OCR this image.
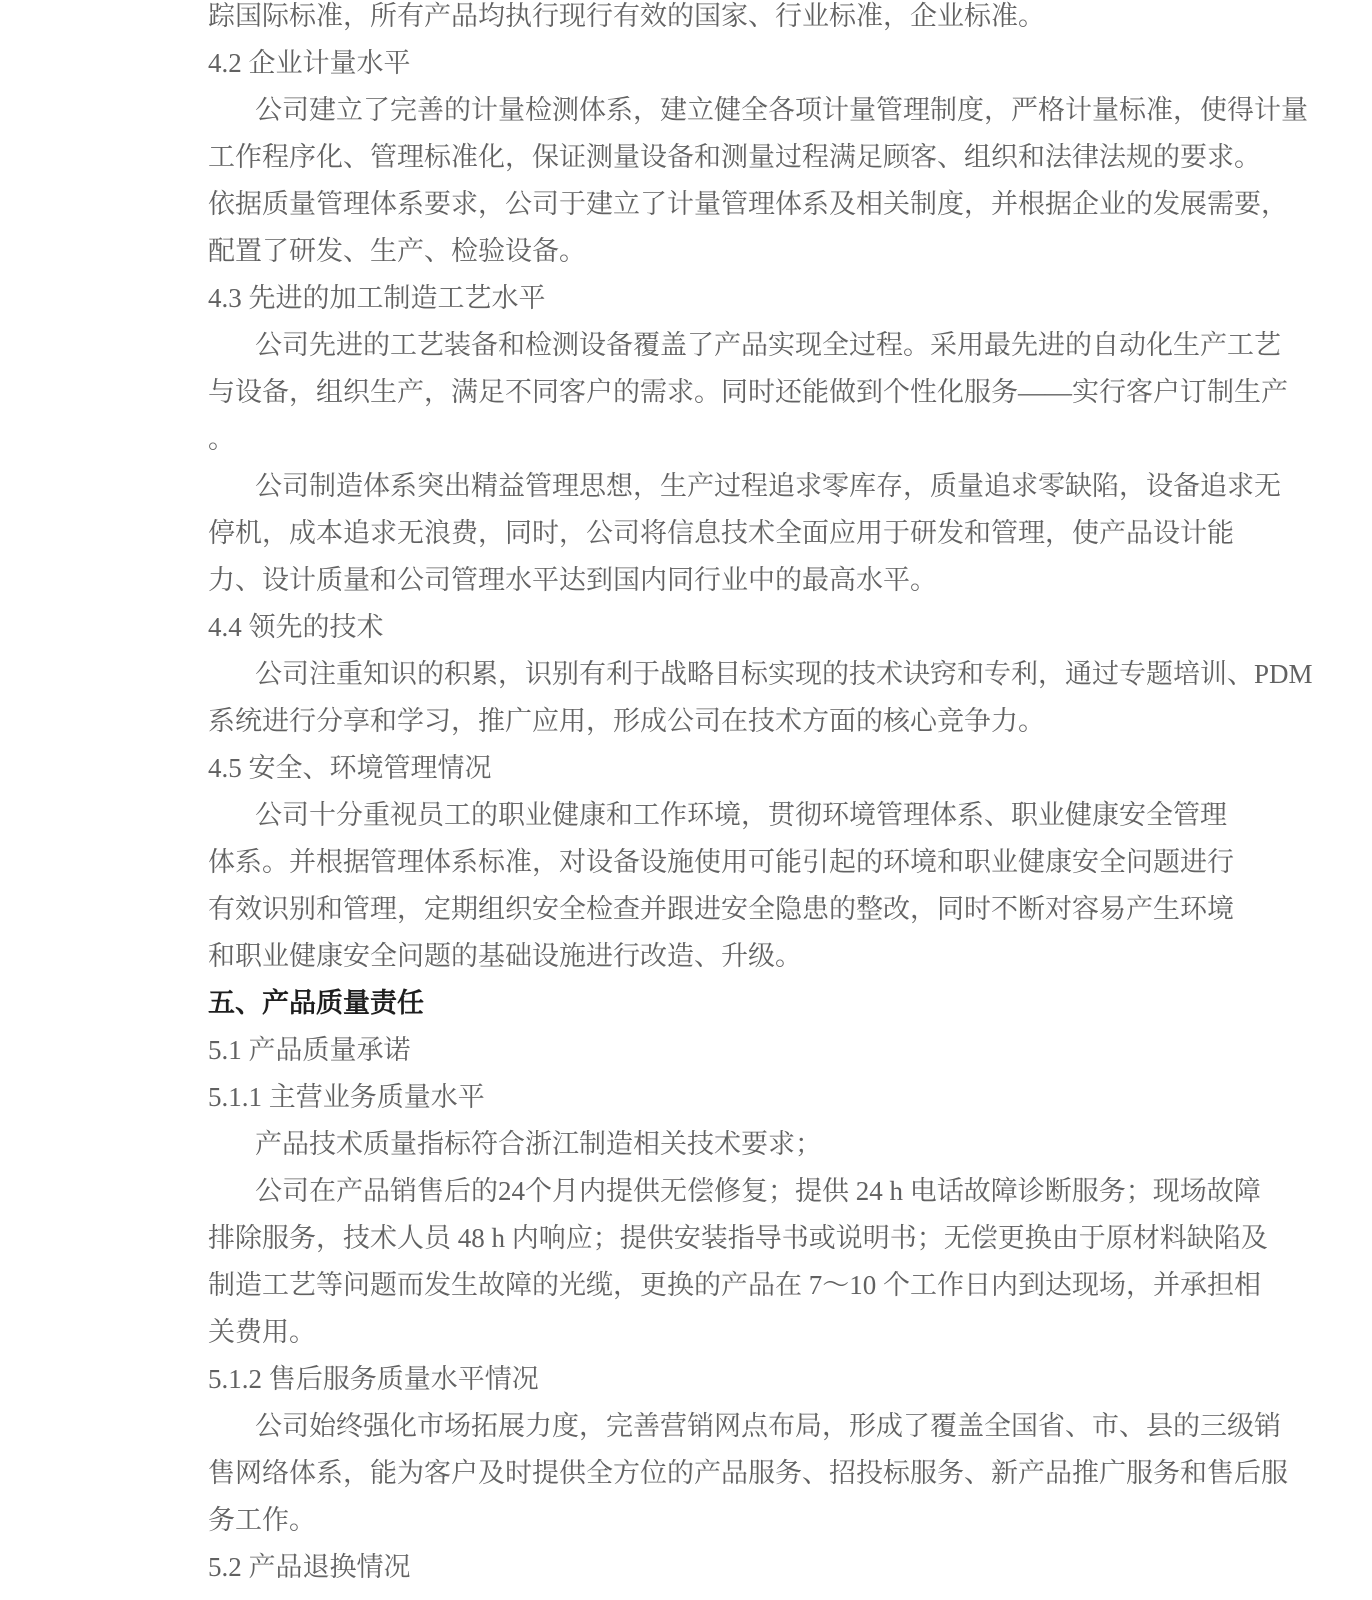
踪国际标准，所有产品均执行现行有效的国家、行业标准，企业标准。
4.2 企业计量水平
公司建立了完善的计量检测体系，建立健全各项计量管理制度，严格计量标准，使得计量
工作程序化、管理标准化，保证测量设备和测量过程满足顾客、组织和法律法规的要求。
依据质量管理体系要求，公司于建立了计量管理体系及相关制度，并根据企业的发展需要，
配置了研发、生产、检验设备。
4.3 先进的加工制造工艺水平
公司先进的工艺装备和检测设备覆盖了产品实现全过程。采用最先进的自动化生产工艺
与设备，组织生产，满足不同客户的需求。同时还能做到个性化服务——实行客户订制生产
。
公司制造体系突出精益管理思想，生产过程追求零库存，质量追求零缺陷，设备追求无
停机，成本追求无浪费，同时，公司将信息技术全面应用于研发和管理，使产品设计能
力、设计质量和公司管理水平达到国内同行业中的最高水平。
4.4 领先的技术
公司注重知识的积累，识别有利于战略目标实现的技术诀窍和专利，通过专题培训、PDM
系统进行分享和学习，推广应用，形成公司在技术方面的核心竞争力。
4.5 安全、环境管理情况
公司十分重视员工的职业健康和工作环境，贯彻环境管理体系、职业健康安全管理
体系。并根据管理体系标准，对设备设施使用可能引起的环境和职业健康安全问题进行
有效识别和管理，定期组织安全检查并跟进安全隐患的整改，同时不断对容易产生环境
和职业健康安全问题的基础设施进行改造、升级。
五、产品质量责任
5.1 产品质量承诺
5.1.1 主营业务质量水平
产品技术质量指标符合浙江制造相关技术要求；
公司在产品销售后的24个月内提供无偿修复；提供 24 h 电话故障诊断服务；现场故障
排除服务，技术人员 48 h 内响应；提供安装指导书或说明书；无偿更换由于原材料缺陷及
制造工艺等问题而发生故障的光缆，更换的产品在 7～10 个工作日内到达现场，并承担相
关费用。
5.1.2 售后服务质量水平情况
公司始终强化市场拓展力度，完善营销网点布局，形成了覆盖全国省、市、县的三级销
售网络体系，能为客户及时提供全方位的产品服务、招投标服务、新产品推广服务和售后服
务工作。
5.2 产品退换情况
